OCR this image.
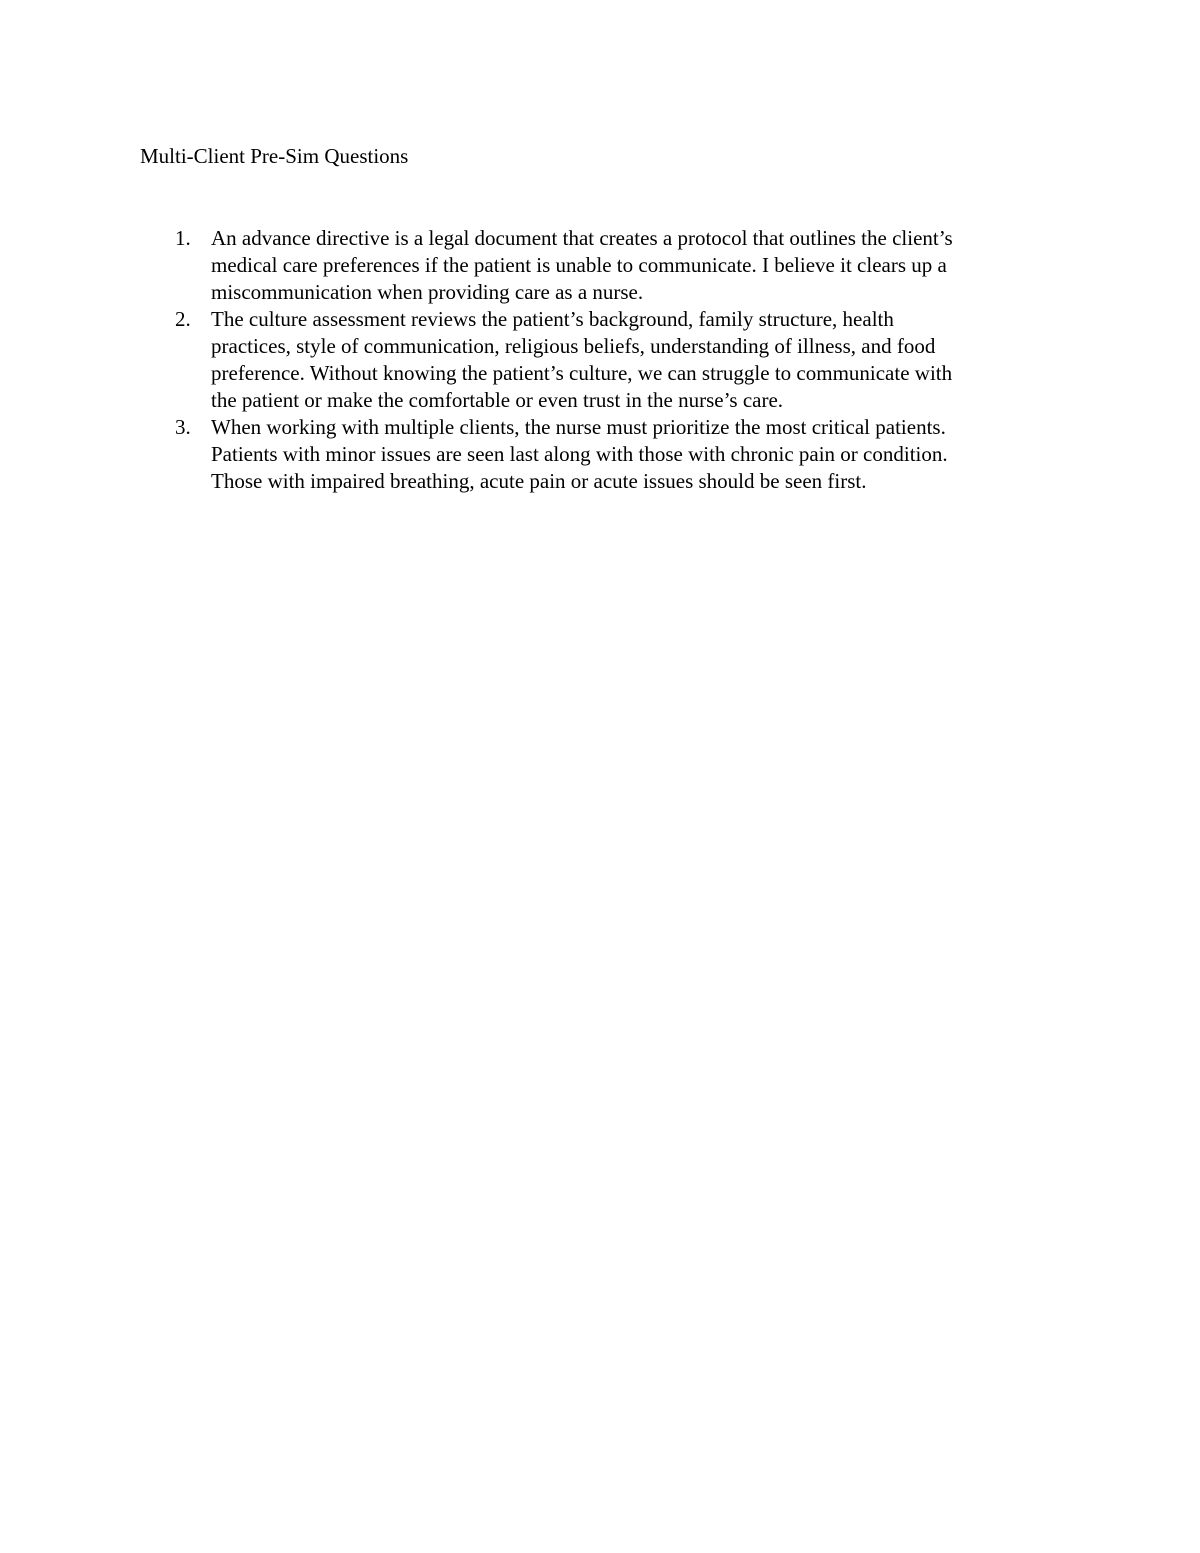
Multi-Client Pre-Sim Questions
1. An advance directive is a legal document that creates a protocol that outlines the client’s
medical care preferences if the patient is unable to communicate. I believe it clears up a
miscommunication when providing care as a nurse.
2. The culture assessment reviews the patient’s background, family structure, health
practices, style of communication, religious beliefs, understanding of illness, and food
preference. Without knowing the patient’s culture, we can struggle to communicate with
the patient or make the comfortable or even trust in the nurse’s care.
3. When working with multiple clients, the nurse must prioritize the most critical patients.
Patients with minor issues are seen last along with those with chronic pain or condition.
Those with impaired breathing, acute pain or acute issues should be seen first.
